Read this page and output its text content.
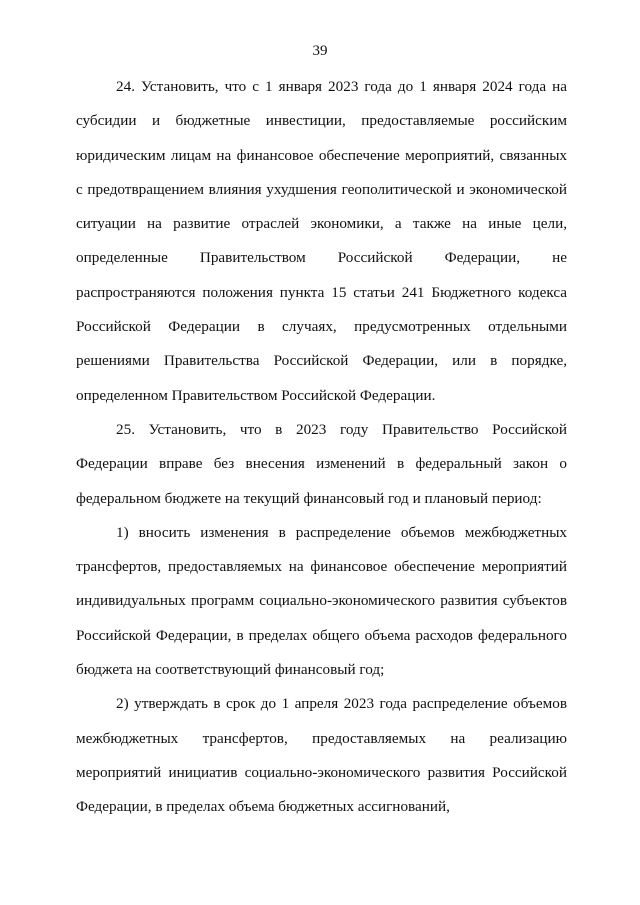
39

24. Установить, что с 1 января 2023 года до 1 января 2024 года на субсидии и бюджетные инвестиции, предоставляемые российским юридическим лицам на финансовое обеспечение мероприятий, связанных с предотвращением влияния ухудшения геополитической и экономической ситуации на развитие отраслей экономики, а также на иные цели, определенные Правительством Российской Федерации, не распространяются положения пункта 15 статьи 241 Бюджетного кодекса Российской Федерации в случаях, предусмотренных отдельными решениями Правительства Российской Федерации, или в порядке, определенном Правительством Российской Федерации.

25. Установить, что в 2023 году Правительство Российской Федерации вправе без внесения изменений в федеральный закон о федеральном бюджете на текущий финансовый год и плановый период:

1) вносить изменения в распределение объемов межбюджетных трансфертов, предоставляемых на финансовое обеспечение мероприятий индивидуальных программ социально-экономического развития субъектов Российской Федерации, в пределах общего объема расходов федерального бюджета на соответствующий финансовый год;

2) утверждать в срок до 1 апреля 2023 года распределение объемов межбюджетных трансфертов, предоставляемых на реализацию мероприятий инициатив социально-экономического развития Российской Федерации, в пределах объема бюджетных ассигнований,
